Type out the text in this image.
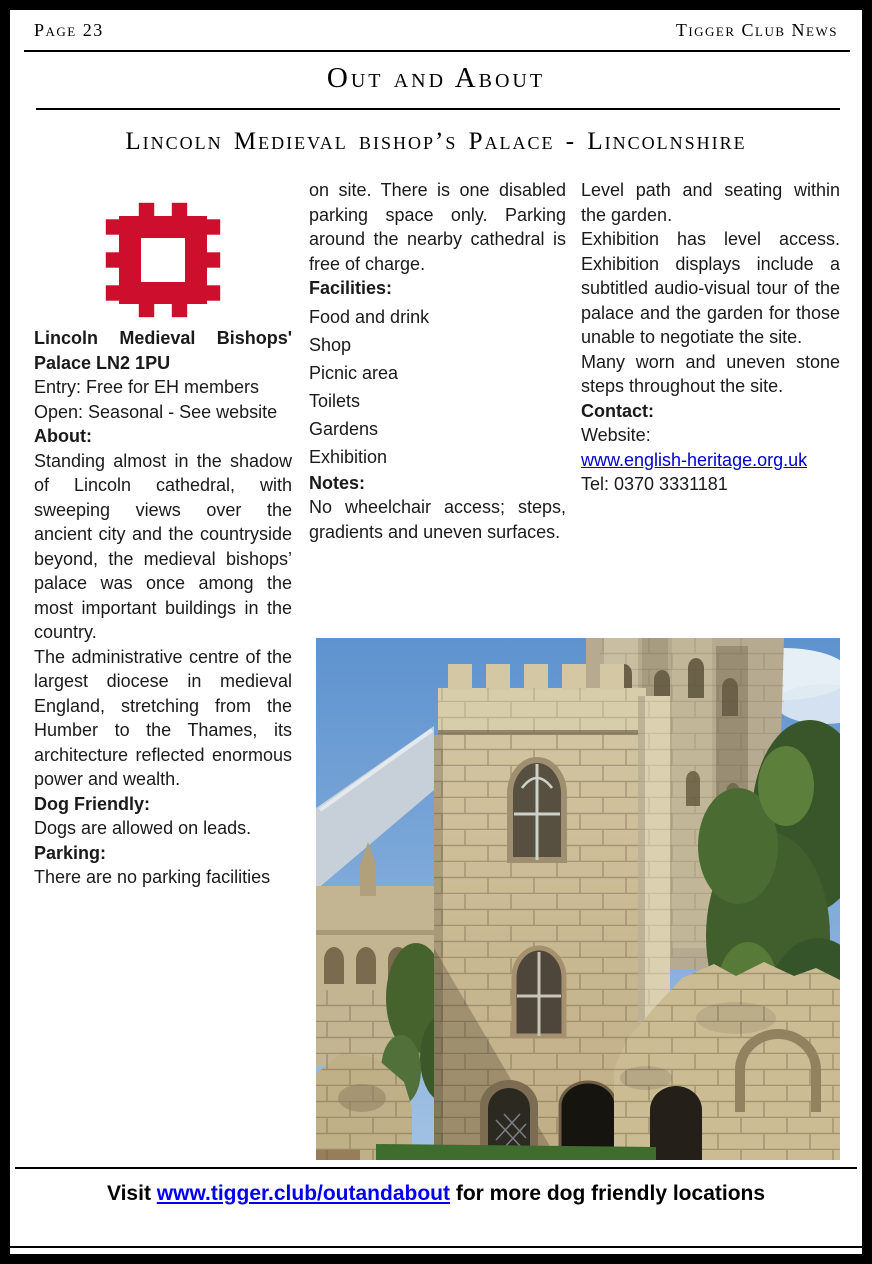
Page 23	Tigger Club News
Out and About
Lincoln Medieval bishop’s Palace - Lincolnshire

Lincoln Medieval Bishops' Palace LN2 1PU

Entry: Free for EH members

Open: Seasonal - See website

About:

Standing almost in the shadow of Lincoln cathedral, with sweeping views over the ancient city and the countryside beyond, the medieval bishops’ palace was once among the most important buildings in the country.

The administrative centre of the largest diocese in medieval England, stretching from the Humber to the Thames, its architecture reflected enormous power and wealth.

Dog Friendly:

Dogs are allowed on leads.

Parking:

There are no parking facilities

on site. There is one disabled parking space only. Parking around the nearby cathedral is free of charge.

Facilities:

Food and drink
Shop
Picnic area
Toilets
Gardens
Exhibition

Notes:

No wheelchair access; steps, gradients and uneven surfaces.

Level path and seating within the garden.

Exhibition has level access. Exhibition displays include a subtitled audio-visual tour of the palace and the garden for those unable to negotiate the site.

Many worn and uneven stone steps throughout the site.

Contact:

Website:

www.english-heritage.org.uk

Tel: 0370 3331181

Visit www.tigger.club/outandabout for more dog friendly locations
